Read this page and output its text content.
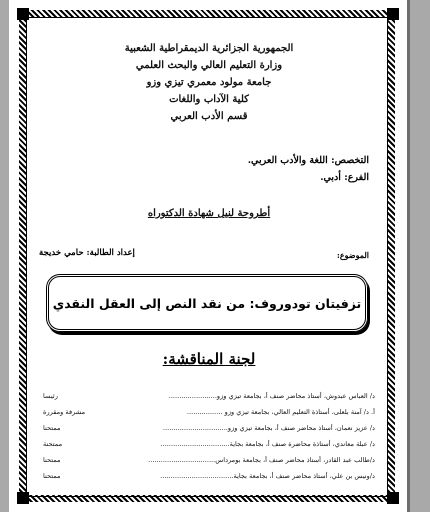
الجمهورية الجزائرية الديمقراطية الشعبية
وزارة التعليم العالي والبحث العلمي
جامعة مولود معمري تيزي وزو
كلية الآداب واللغات
قسم الأدب العربي
التخصص: اللغة والأدب العربي.
الفرع: أدبي.
أطروحة لنيل شهادة الدكتوراه
الموضوع:
إعداد الطالبة: حامي خديجة
تزفيتان تودوروف: من نقد النص إلى العقل النقدي
لجنة المناقشة:
رئيسا	د/ العباس عبدوش، أستاذ محاضر صنف أ، بجامعة تيزي وزو.......................
مشرفة ومقررة	أ. د/ آمنة بلعلى، أستاذة التعليم العالي، بجامعة تيزي وزو .................
ممتحنا	د/ عزيز نعمان، أستاذ محاضر صنف أ، بجامعة تيزي وزو...............................
ممتحنة	د/ عبلة معاندي، أستاذة محاضرة صنف أ، بجامعة بجاية.................................
ممتحنا	د/طالب عبد القادر، أستاذ محاضر صنف أ، بجامعة بومرداس................................
ممتحنا	د/ونيس بن علي، أستاذ محاضر صنف أ، بجامعة بجاية...................................
